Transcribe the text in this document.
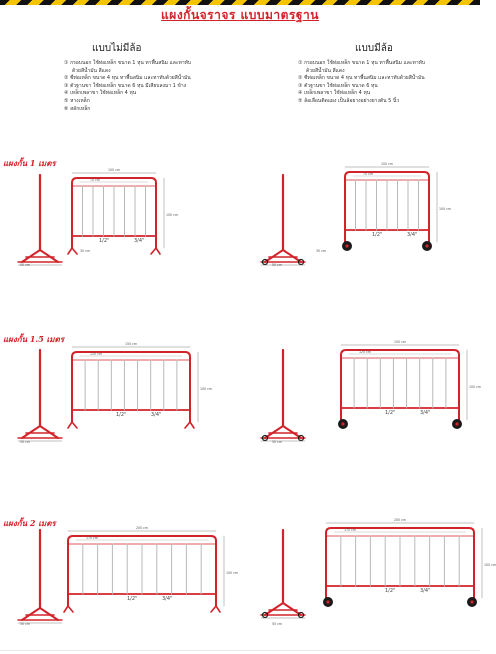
แผงกั้นจราจร แบบมาตรฐาน
แบบไม่มีล้อ	แบบมีล้อ
① กรอบนอก ใช้ท่อเหล็ก ขนาด 1 หุน ทาพื้นสนิม และทาทับ
ด้วยสีน้ำมัน สีแดง
② ซี่ท่อเหล็ก ขนาด 4 หุน ทาพื้นสนิม และทาทับด้วยสีน้ำมัน
③ ตัวฐานขา ใช้ท่อเหล็ก ขนาด 6 หุน มีเสียบลงมา 1 ข้าง
④ เหล็กเพลาขา ใช้ท่อเหล็ก 4 หุน
⑤ หางเหล็ก
⑥ สลักเหล็ก
① กรอบนอก ใช้ท่อเหล็ก ขนาด 1 หุน ทาพื้นสนิม และทาทับ
ด้วยสีน้ำมัน สีแดง
② ซี่ท่อเหล็ก ขนาด 4 หุน ทาพื้นสนิม และทาทับด้วยสีน้ำมัน
③ ตัวฐานขา ใช้ท่อเหล็ก ขนาด 6 หุน
④ เหล็กเพลาขา ใช้ท่อเหล็ก 4 หุน
⑤ ล้อเลื่อนติดแผง เป็นล้อยางอย่างยางตัน 5 นิ้ว
แผงกั้น 1 เมตร
แผงกั้น 1.5 เมตร
แผงกั้น 2 เมตร
100 cm
70 cm
100 cm
1/2"	3/4"
100 cm
70 cm
100 cm
1/2"	3/4"
50 cm	50 cm
30 cm	30 cm
150 cm
120 cm
100 cm
1/2"	3/4"
150 cm
120 cm
100 cm
1/2"	3/4"
50 cm	50 cm
200 cm
170 cm
100 cm
1/2"	3/4"
200 cm
170 cm
100 cm
1/2"	3/4"
50 cm	50 cm
